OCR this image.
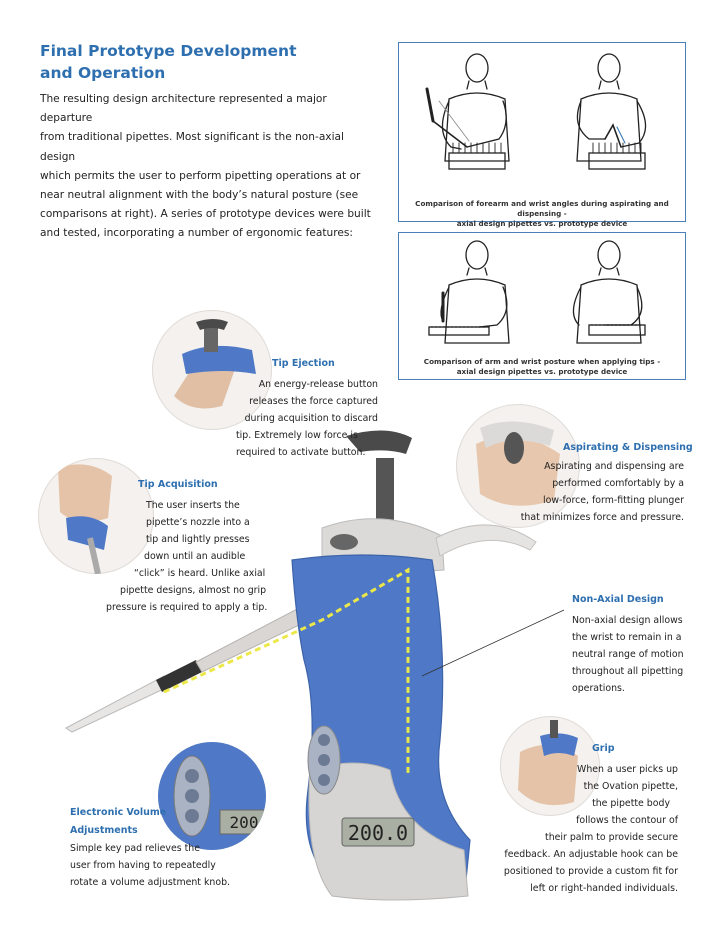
Final Prototype Development
and Operation
The resulting design architecture represented a major departure
from traditional pipettes. Most significant is the non-axial design
which permits the user to perform pipetting operations at or
near neutral alignment with the body’s natural posture (see
comparisons at right). A series of prototype devices were built
and tested, incorporating a number of ergonomic features:
Comparison of forearm and wrist angles during aspirating and dispensing -
axial design pipettes vs. prototype device
Comparison of arm and wrist posture when applying tips -
axial design pipettes vs. prototype device
200.0
200
Tip Ejection
An energy-release button
releases the force captured
during acquisition to discard
tip. Extremely low force is
required to activate button.	Aspirating & Dispensing
Aspirating and dispensing are
performed comfortably by a
low-force, form-fitting plunger
that minimizes force and pressure.
Tip Acquisition
The user inserts the
pipette’s nozzle into a
tip and lightly presses
down until an audible
“click” is heard. Unlike axial
pipette designs, almost no grip
pressure is required to apply a tip.
Non-Axial Design
Non-axial design allows
the wrist to remain in a
neutral range of motion
throughout all pipetting
operations.
Grip
When a user picks up
the Ovation pipette,
the pipette body
follows the contour of
their palm to provide secure
feedback. An adjustable hook can be
positioned to provide a custom fit for
left or right-handed individuals.
Electronic Volume
Adjustments
Simple key pad relieves the
user from having to repeatedly
rotate a volume adjustment knob.
